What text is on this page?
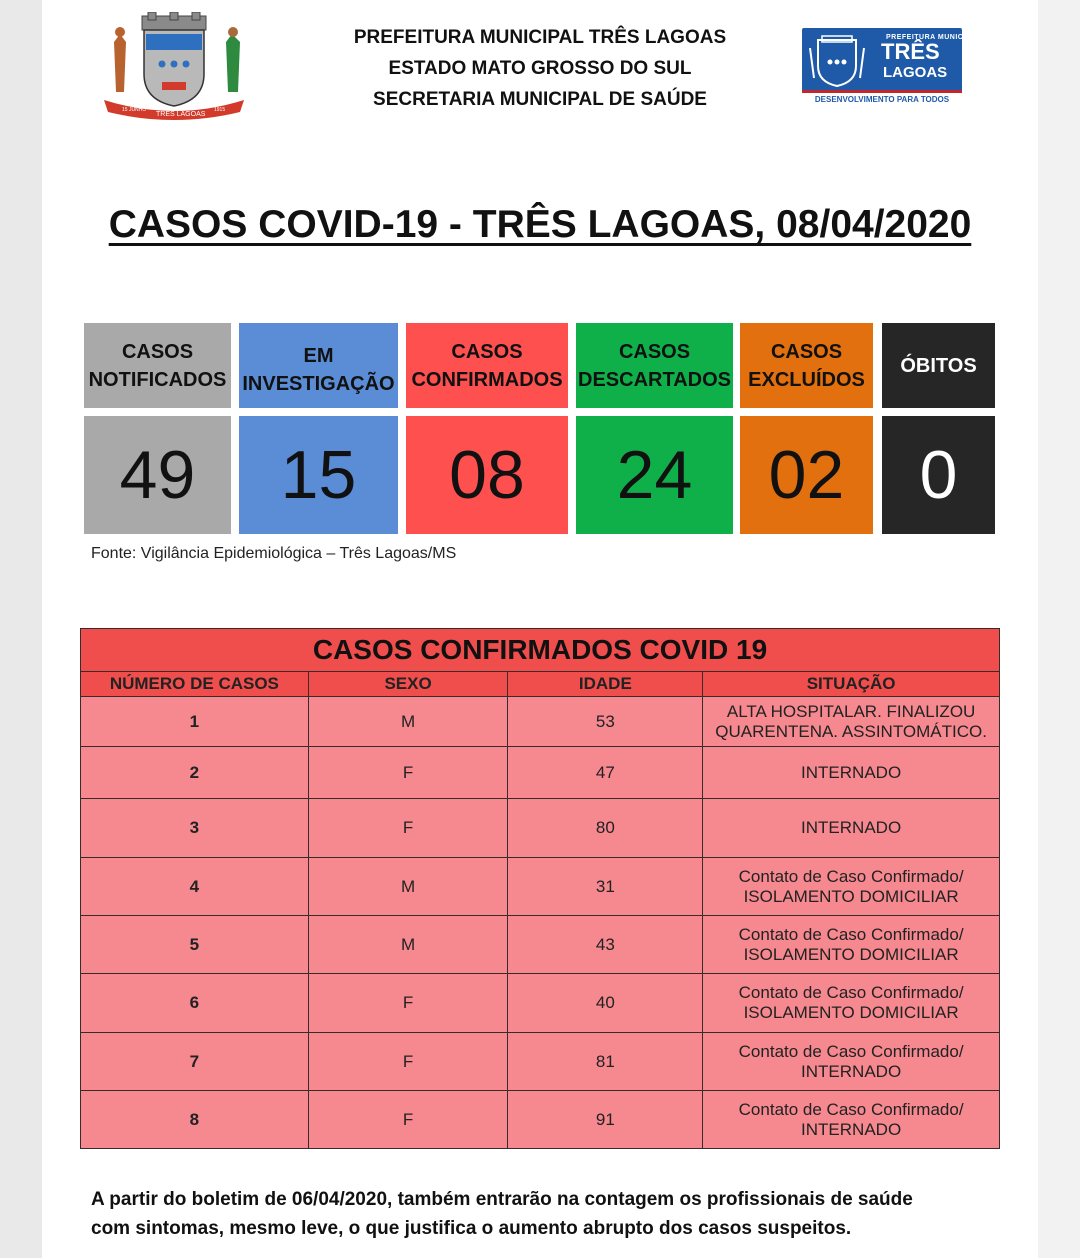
15 JUNHO
TRÊS LAGOAS
1915
PREFEITURA MUNICIPAL TRÊS LAGOAS
ESTADO MATO GROSSO DO SUL
SECRETARIA MUNICIPAL DE SAÚDE
PREFEITURA MUNICIPAL
TRÊS
LAGOAS
DESENVOLVIMENTO PARA TODOS
CASOS COVID-19 - TRÊS LAGOAS, 08/04/2020
CASOS
NOTIFICADOS
49
EM
INVESTIGAÇÃO
15
CASOS
CONFIRMADOS
08
CASOS
DESCARTADOS
24
CASOS
EXCLUÍDOS
02
ÓBITOS
0
Fonte: Vigilância Epidemiológica – Três Lagoas/MS
CASOS CONFIRMADOS COVID 19			
NÚMERO DE CASOS	SEXO	IDADE	SITUAÇÃO
1	M	53	ALTA HOSPITALAR. FINALIZOU
QUARENTENA. ASSINTOMÁTICO.

2	F	47	INTERNADO

3	F	80	INTERNADO

4	M	31	Contato de Caso Confirmado/
ISOLAMENTO DOMICILIAR

5	M	43	Contato de Caso Confirmado/
ISOLAMENTO DOMICILIAR

6	F	40	Contato de Caso Confirmado/
ISOLAMENTO DOMICILIAR

7	F	81	Contato de Caso Confirmado/
INTERNADO

8	F	91	Contato de Caso Confirmado/
INTERNADO
A partir do boletim de 06/04/2020, também entrarão na contagem os profissionais de saúde
com sintomas, mesmo leve, o que justifica o aumento abrupto dos casos suspeitos.
